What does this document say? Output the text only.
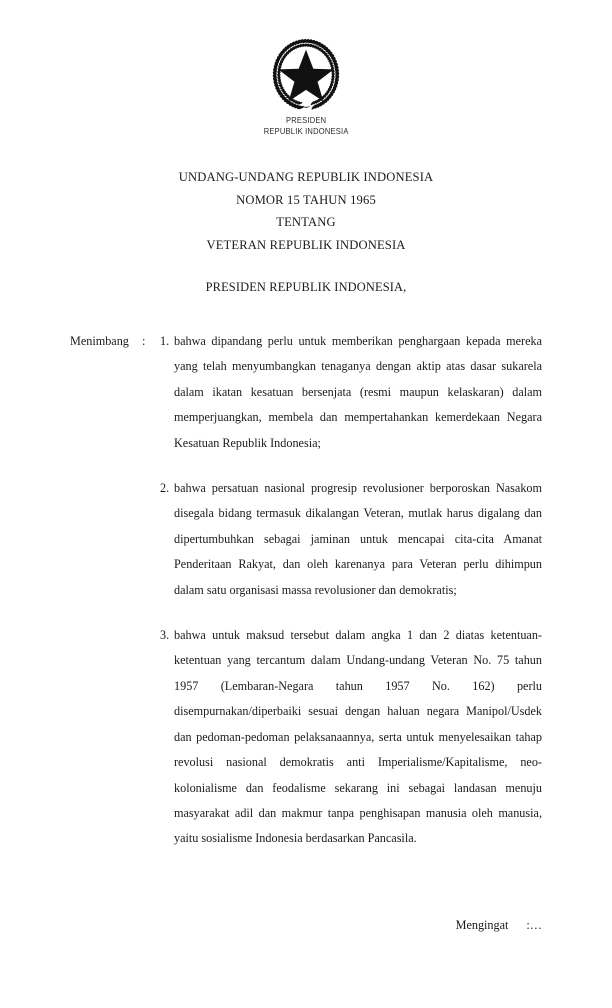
PRESIDEN
REPUBLIK INDONESIA
UNDANG-UNDANG REPUBLIK INDONESIA
NOMOR 15 TAHUN 1965
TENTANG
VETERAN REPUBLIK INDONESIA
PRESIDEN REPUBLIK INDONESIA,
Menimbang	:	1. bahwa dipandang perlu untuk memberikan penghargaan kepada mereka yang telah menyumbangkan tenaganya dengan aktip atas dasar sukarela dalam ikatan kesatuan bersenjata (resmi maupun kelaskaran) dalam memperjuangkan, membela dan mempertahankan kemerdekaan Negara Kesatuan Republik Indonesia;
2. bahwa persatuan nasional progresip revolusioner berporoskan Nasakom disegala bidang termasuk dikalangan Veteran, mutlak harus digalang dan dipertumbuhkan sebagai jaminan untuk mencapai cita-cita Amanat Penderitaan Rakyat, dan oleh karenanya para Veteran perlu dihimpun dalam satu organisasi massa revolusioner dan demokratis;
3. bahwa untuk maksud tersebut dalam angka 1 dan 2 diatas ketentuan-ketentuan yang tercantum dalam Undang-undang Veteran No. 75 tahun 1957 (Lembaran-Negara tahun 1957 No. 162) perlu disempurnakan/diperbaiki sesuai dengan haluan negara Manipol/Usdek dan pedoman-pedoman pelaksanaannya, serta untuk menyelesaikan tahap revolusi nasional demokratis anti Imperialisme/Kapitalisme, neo-kolonialisme dan feodalisme sekarang ini sebagai landasan menuju masyarakat adil dan makmur tanpa penghisapan manusia oleh manusia, yaitu sosialisme Indonesia berdasarkan Pancasila.
Mengingat :…
